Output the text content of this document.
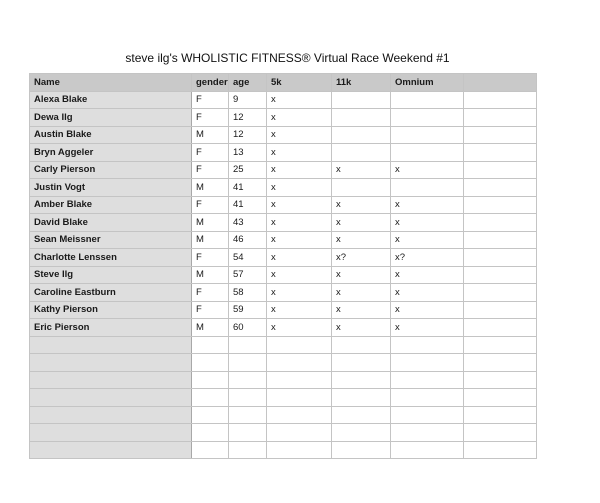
steve ilg's WHOLISTIC FITNESS® Virtual Race Weekend #1
Name	gender	age	5k	11k	Omnium	
Alexa Blake	F	9	x			
Dewa Ilg	F	12	x			
Austin Blake	M	12	x			
Bryn Aggeler	F	13	x			
Carly Pierson	F	25	x	x	x	
Justin Vogt	M	41	x			
Amber Blake	F	41	x	x	x	
David Blake	M	43	x	x	x	
Sean Meissner	M	46	x	x	x	
Charlotte Lenssen	F	54	x	x?	x?	
Steve Ilg	M	57	x	x	x	
Caroline Eastburn	F	58	x	x	x	
Kathy Pierson	F	59	x	x	x	
Eric Pierson	M	60	x	x	x	
